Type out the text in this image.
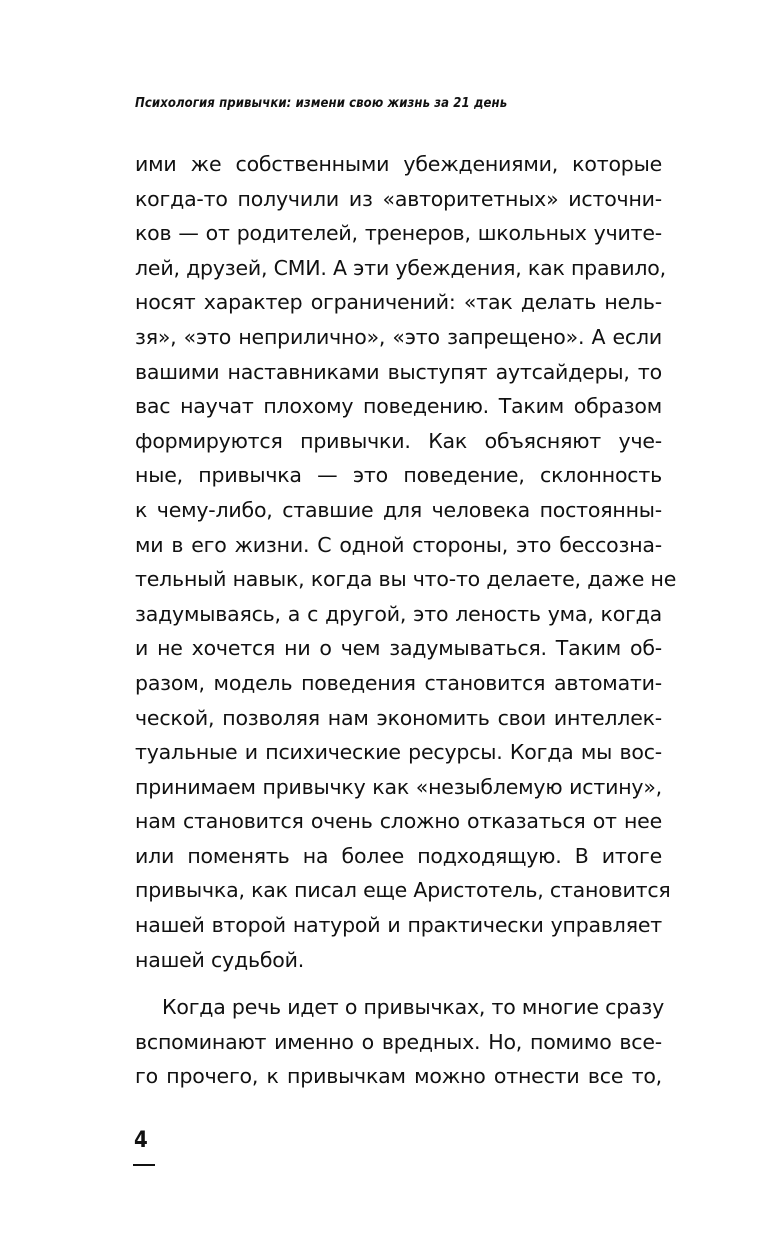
Психология привычки: измени свою жизнь за 21 день
ими же собственными убеждениями, которые
когда-то получили из «авторитетных» источни-
ков — от родителей, тренеров, школьных учите-
лей, друзей, СМИ. А эти убеждения, как правило,
носят характер ограничений: «так делать нель-
зя», «это неприлично», «это запрещено». А если
вашими наставниками выступят аутсайдеры, то
вас научат плохому поведению. Таким образом
формируются привычки. Как объясняют уче-
ные, привычка — это поведение, склонность
к чему-либо, ставшие для человека постоянны-
ми в его жизни. С одной стороны, это бессозна-
тельный навык, когда вы что-то делаете, даже не
задумываясь, а с другой, это леность ума, когда
и не хочется ни о чем задумываться. Таким об-
разом, модель поведения становится автомати-
ческой, позволяя нам экономить свои интеллек-
туальные и психические ресурсы. Когда мы вос-
принимаем привычку как «незыблемую истину»,
нам становится очень сложно отказаться от нее
или поменять на более подходящую. В итоге
привычка, как писал еще Аристотель, становится
нашей второй натурой и практически управляет
нашей судьбой.
Когда речь идет о привычках, то многие сразу
вспоминают именно о вредных. Но, помимо все-
го прочего, к привычкам можно отнести все то,
4
